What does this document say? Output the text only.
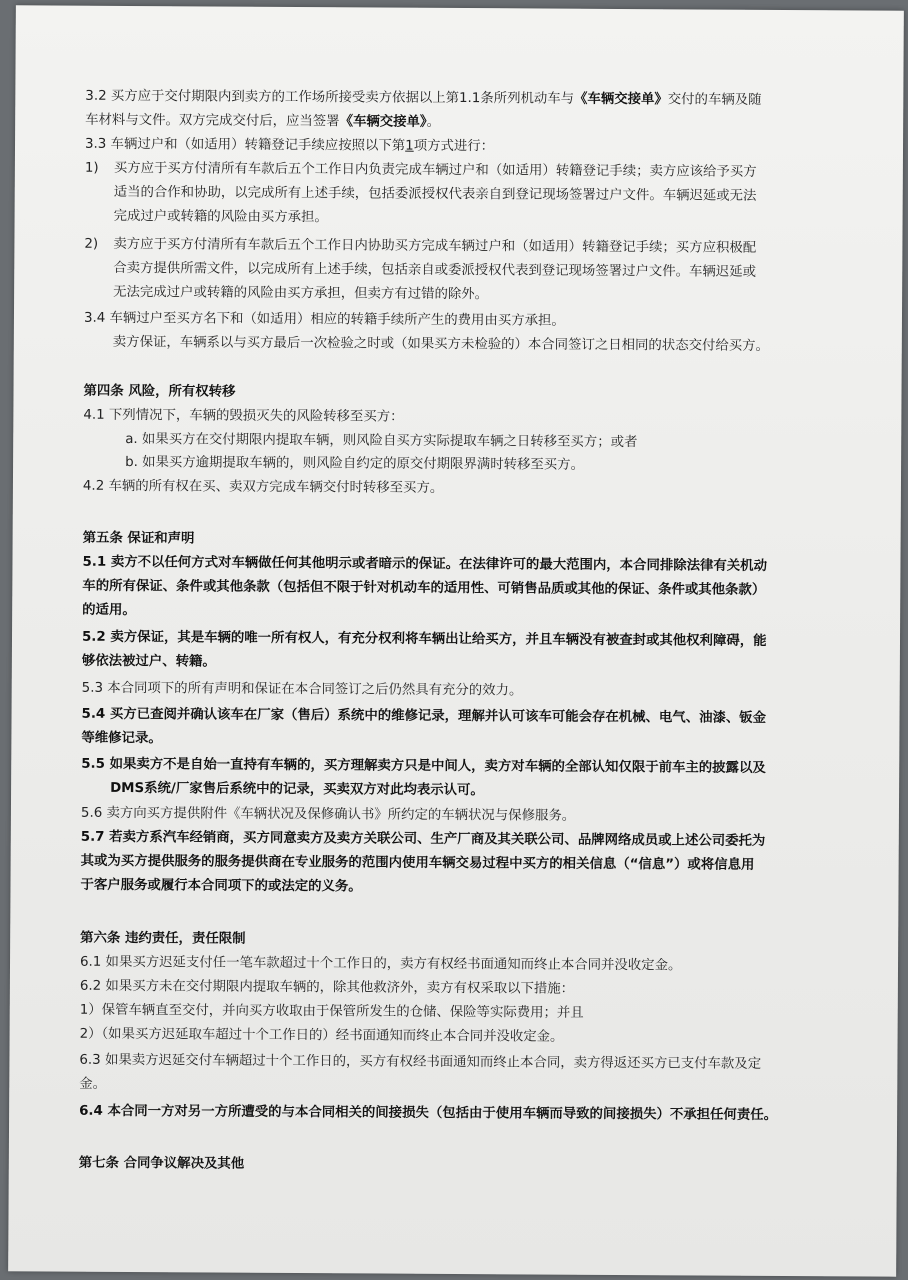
3.2 买方应于交付期限内到卖方的工作场所接受卖方依据以上第1.1条所列机动车与《车辆交接单》交付的车辆及随
车材料与文件。双方完成交付后，应当签署《车辆交接单》。
3.3 车辆过户和（如适用）转籍登记手续应按照以下第1项方式进行：
1) 买方应于买方付清所有车款后五个工作日内负责完成车辆过户和（如适用）转籍登记手续；卖方应该给予买方
适当的合作和协助，以完成所有上述手续，包括委派授权代表亲自到登记现场签署过户文件。车辆迟延或无法
完成过户或转籍的风险由买方承担。
2) 卖方应于买方付清所有车款后五个工作日内协助买方完成车辆过户和（如适用）转籍登记手续；买方应积极配
合卖方提供所需文件，以完成所有上述手续，包括亲自或委派授权代表到登记现场签署过户文件。车辆迟延或
无法完成过户或转籍的风险由买方承担，但卖方有过错的除外。
3.4 车辆过户至买方名下和（如适用）相应的转籍手续所产生的费用由买方承担。
卖方保证，车辆系以与买方最后一次检验之时或（如果买方未检验的）本合同签订之日相同的状态交付给买方。
第四条 风险，所有权转移
4.1 下列情况下，车辆的毁损灭失的风险转移至买方：
a. 如果买方在交付期限内提取车辆，则风险自买方实际提取车辆之日转移至买方；或者
b. 如果买方逾期提取车辆的，则风险自约定的原交付期限界满时转移至买方。
4.2 车辆的所有权在买、卖双方完成车辆交付时转移至买方。
第五条 保证和声明
5.1 卖方不以任何方式对车辆做任何其他明示或者暗示的保证。在法律许可的最大范围内，本合同排除法律有关机动
车的所有保证、条件或其他条款（包括但不限于针对机动车的适用性、可销售品质或其他的保证、条件或其他条款）
的适用。
5.2 卖方保证，其是车辆的唯一所有权人，有充分权利将车辆出让给买方，并且车辆没有被查封或其他权利障碍，能
够依法被过户、转籍。
5.3 本合同项下的所有声明和保证在本合同签订之后仍然具有充分的效力。
5.4 买方已查阅并确认该车在厂家（售后）系统中的维修记录，理解并认可该车可能会存在机械、电气、油漆、钣金
等维修记录。
5.5 如果卖方不是自始一直持有车辆的，买方理解卖方只是中间人，卖方对车辆的全部认知仅限于前车主的披露以及
DMS系统/厂家售后系统中的记录，买卖双方对此均表示认可。
5.6 卖方向买方提供附件《车辆状况及保修确认书》所约定的车辆状况与保修服务。
5.7 若卖方系汽车经销商，买方同意卖方及卖方关联公司、生产厂商及其关联公司、品牌网络成员或上述公司委托为
其或为买方提供服务的服务提供商在专业服务的范围内使用车辆交易过程中买方的相关信息（“信息”）或将信息用
于客户服务或履行本合同项下的或法定的义务。
第六条 违约责任，责任限制
6.1 如果买方迟延支付任一笔车款超过十个工作日的，卖方有权经书面通知而终止本合同并没收定金。
6.2 如果买方未在交付期限内提取车辆的，除其他救济外，卖方有权采取以下措施：
1）保管车辆直至交付，并向买方收取由于保管所发生的仓储、保险等实际费用；并且
2）（如果买方迟延取车超过十个工作日的）经书面通知而终止本合同并没收定金。
6.3 如果卖方迟延交付车辆超过十个工作日的，买方有权经书面通知而终止本合同，卖方得返还买方已支付车款及定
金。
6.4 本合同一方对另一方所遭受的与本合同相关的间接损失（包括由于使用车辆而导致的间接损失）不承担任何责任。
第七条 合同争议解决及其他
